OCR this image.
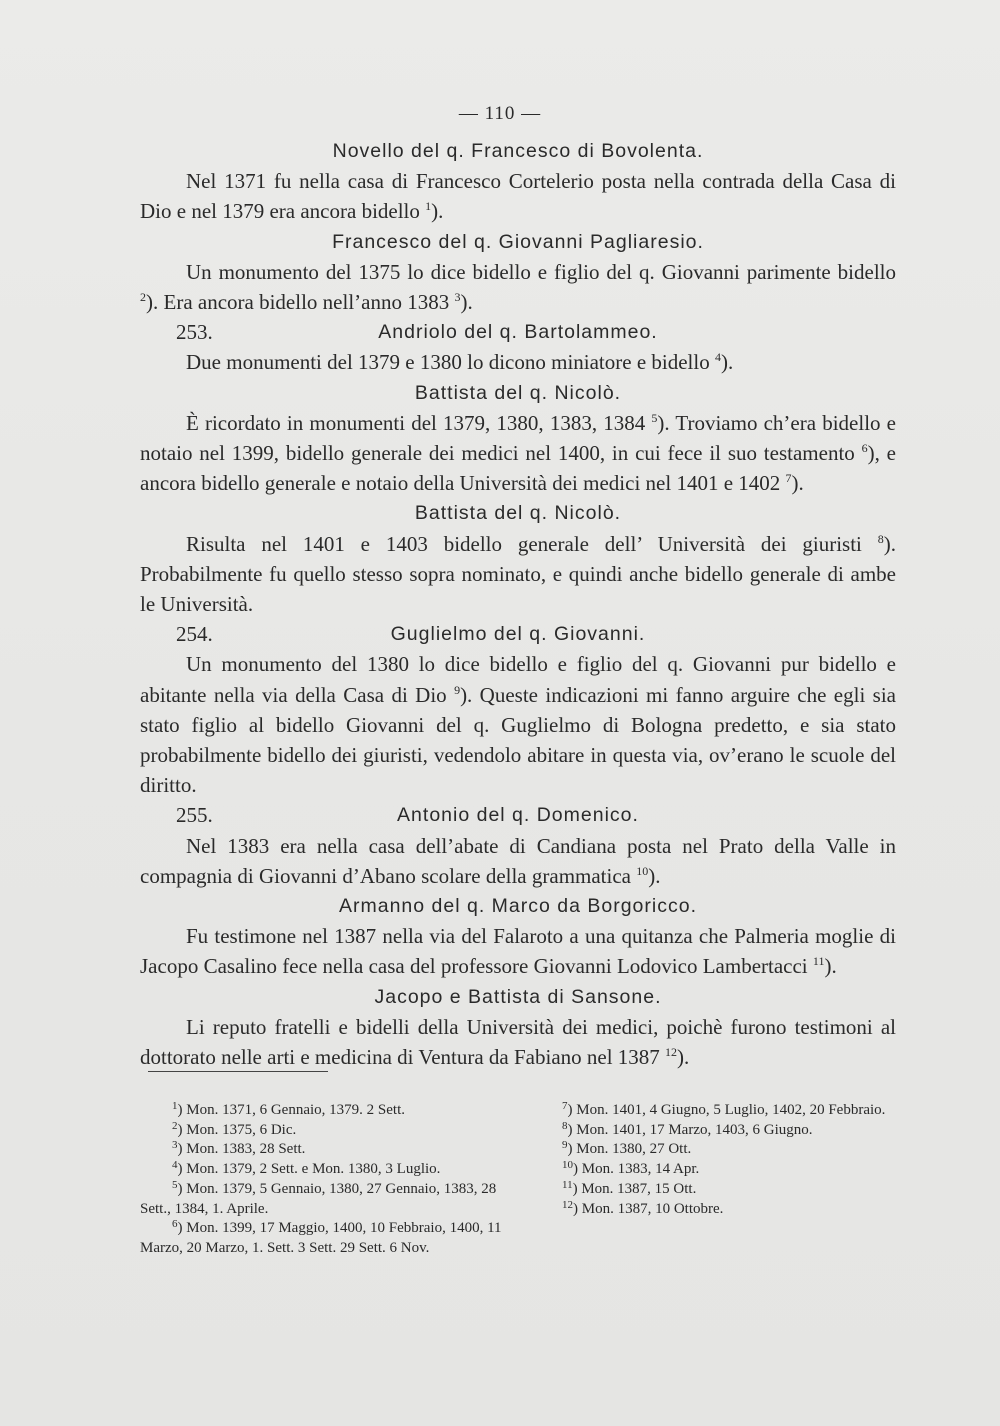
— 110 —
Novello del q. Francesco di Bovolenta.

Nel 1371 fu nella casa di Francesco Cortelerio posta nella contrada della Casa di Dio e nel 1379 era ancora bidello $^1$).

Francesco del q. Giovanni Pagliaresio.

Un monumento del 1375 lo dice bidello e figlio del q. Giovanni parimente bidello $^2$). Era ancora bidello nell’anno 1383 $^3$).

253.	Andriolo del q. Bartolammeo.

Due monumenti del 1379 e 1380 lo dicono miniatore e bidello $^4$).

Battista del q. Nicolò.

È ricordato in monumenti del 1379, 1380, 1383, 1384 $^5$). Troviamo ch’era bidello e notaio nel 1399, bidello generale dei medici nel 1400, in cui fece il suo testamento $^6$), e ancora bidello generale e notaio della Università dei medici nel 1401 e 1402 $^7$).

Battista del q. Nicolò.

Risulta nel 1401 e 1403 bidello generale dell’ Università dei giuristi $^8$). Probabilmente fu quello stesso sopra nominato, e quindi anche bidello generale di ambe le Università.

254.	Guglielmo del q. Giovanni.

Un monumento del 1380 lo dice bidello e figlio del q. Giovanni pur bidello e abitante nella via della Casa di Dio $^9$). Queste indicazioni mi fanno arguire che egli sia stato figlio al bidello Giovanni del q. Guglielmo di Bologna predetto, e sia stato probabilmente bidello dei giuristi, vedendolo abitare in questa via, ov’erano le scuole del diritto.

255.	Antonio del q. Domenico.

Nel 1383 era nella casa dell’abate di Candiana posta nel Prato della Valle in compagnia di Giovanni d’Abano scolare della grammatica $^{10}$).

Armanno del q. Marco da Borgoricco.

Fu testimone nel 1387 nella via del Falaroto a una quitanza che Palmeria moglie di Jacopo Casalino fece nella casa del professore Giovanni Lodovico Lambertacci $^{11}$).

Jacopo e Battista di Sansone.

Li reputo fratelli e bidelli della Università dei medici, poichè furono testimoni al dottorato nelle arti e medicina di Ventura da Fabiano nel 1387 $^{12}$).

$^1$) Mon. 1371, 6 Gennaio, 1379. 2 Sett.
$^2$) Mon. 1375, 6 Dic.
$^3$) Mon. 1383, 28 Sett.
$^4$) Mon. 1379, 2 Sett. e Mon. 1380, 3 Luglio.
$^5$) Mon. 1379, 5 Gennaio, 1380, 27 Gennaio, 1383, 28 Sett., 1384, 1. Aprile.
$^6$) Mon. 1399, 17 Maggio, 1400, 10 Febbraio, 1400, 11 Marzo, 20 Marzo, 1. Sett. 3 Sett. 29 Sett. 6 Nov.
$^7$) Mon. 1401, 4 Giugno, 5 Luglio, 1402, 20 Febbraio.
$^8$) Mon. 1401, 17 Marzo, 1403, 6 Giugno.
$^9$) Mon. 1380, 27 Ott.
$^{10}$) Mon. 1383, 14 Apr.
$^{11}$) Mon. 1387, 15 Ott.
$^{12}$) Mon. 1387, 10 Ottobre.
